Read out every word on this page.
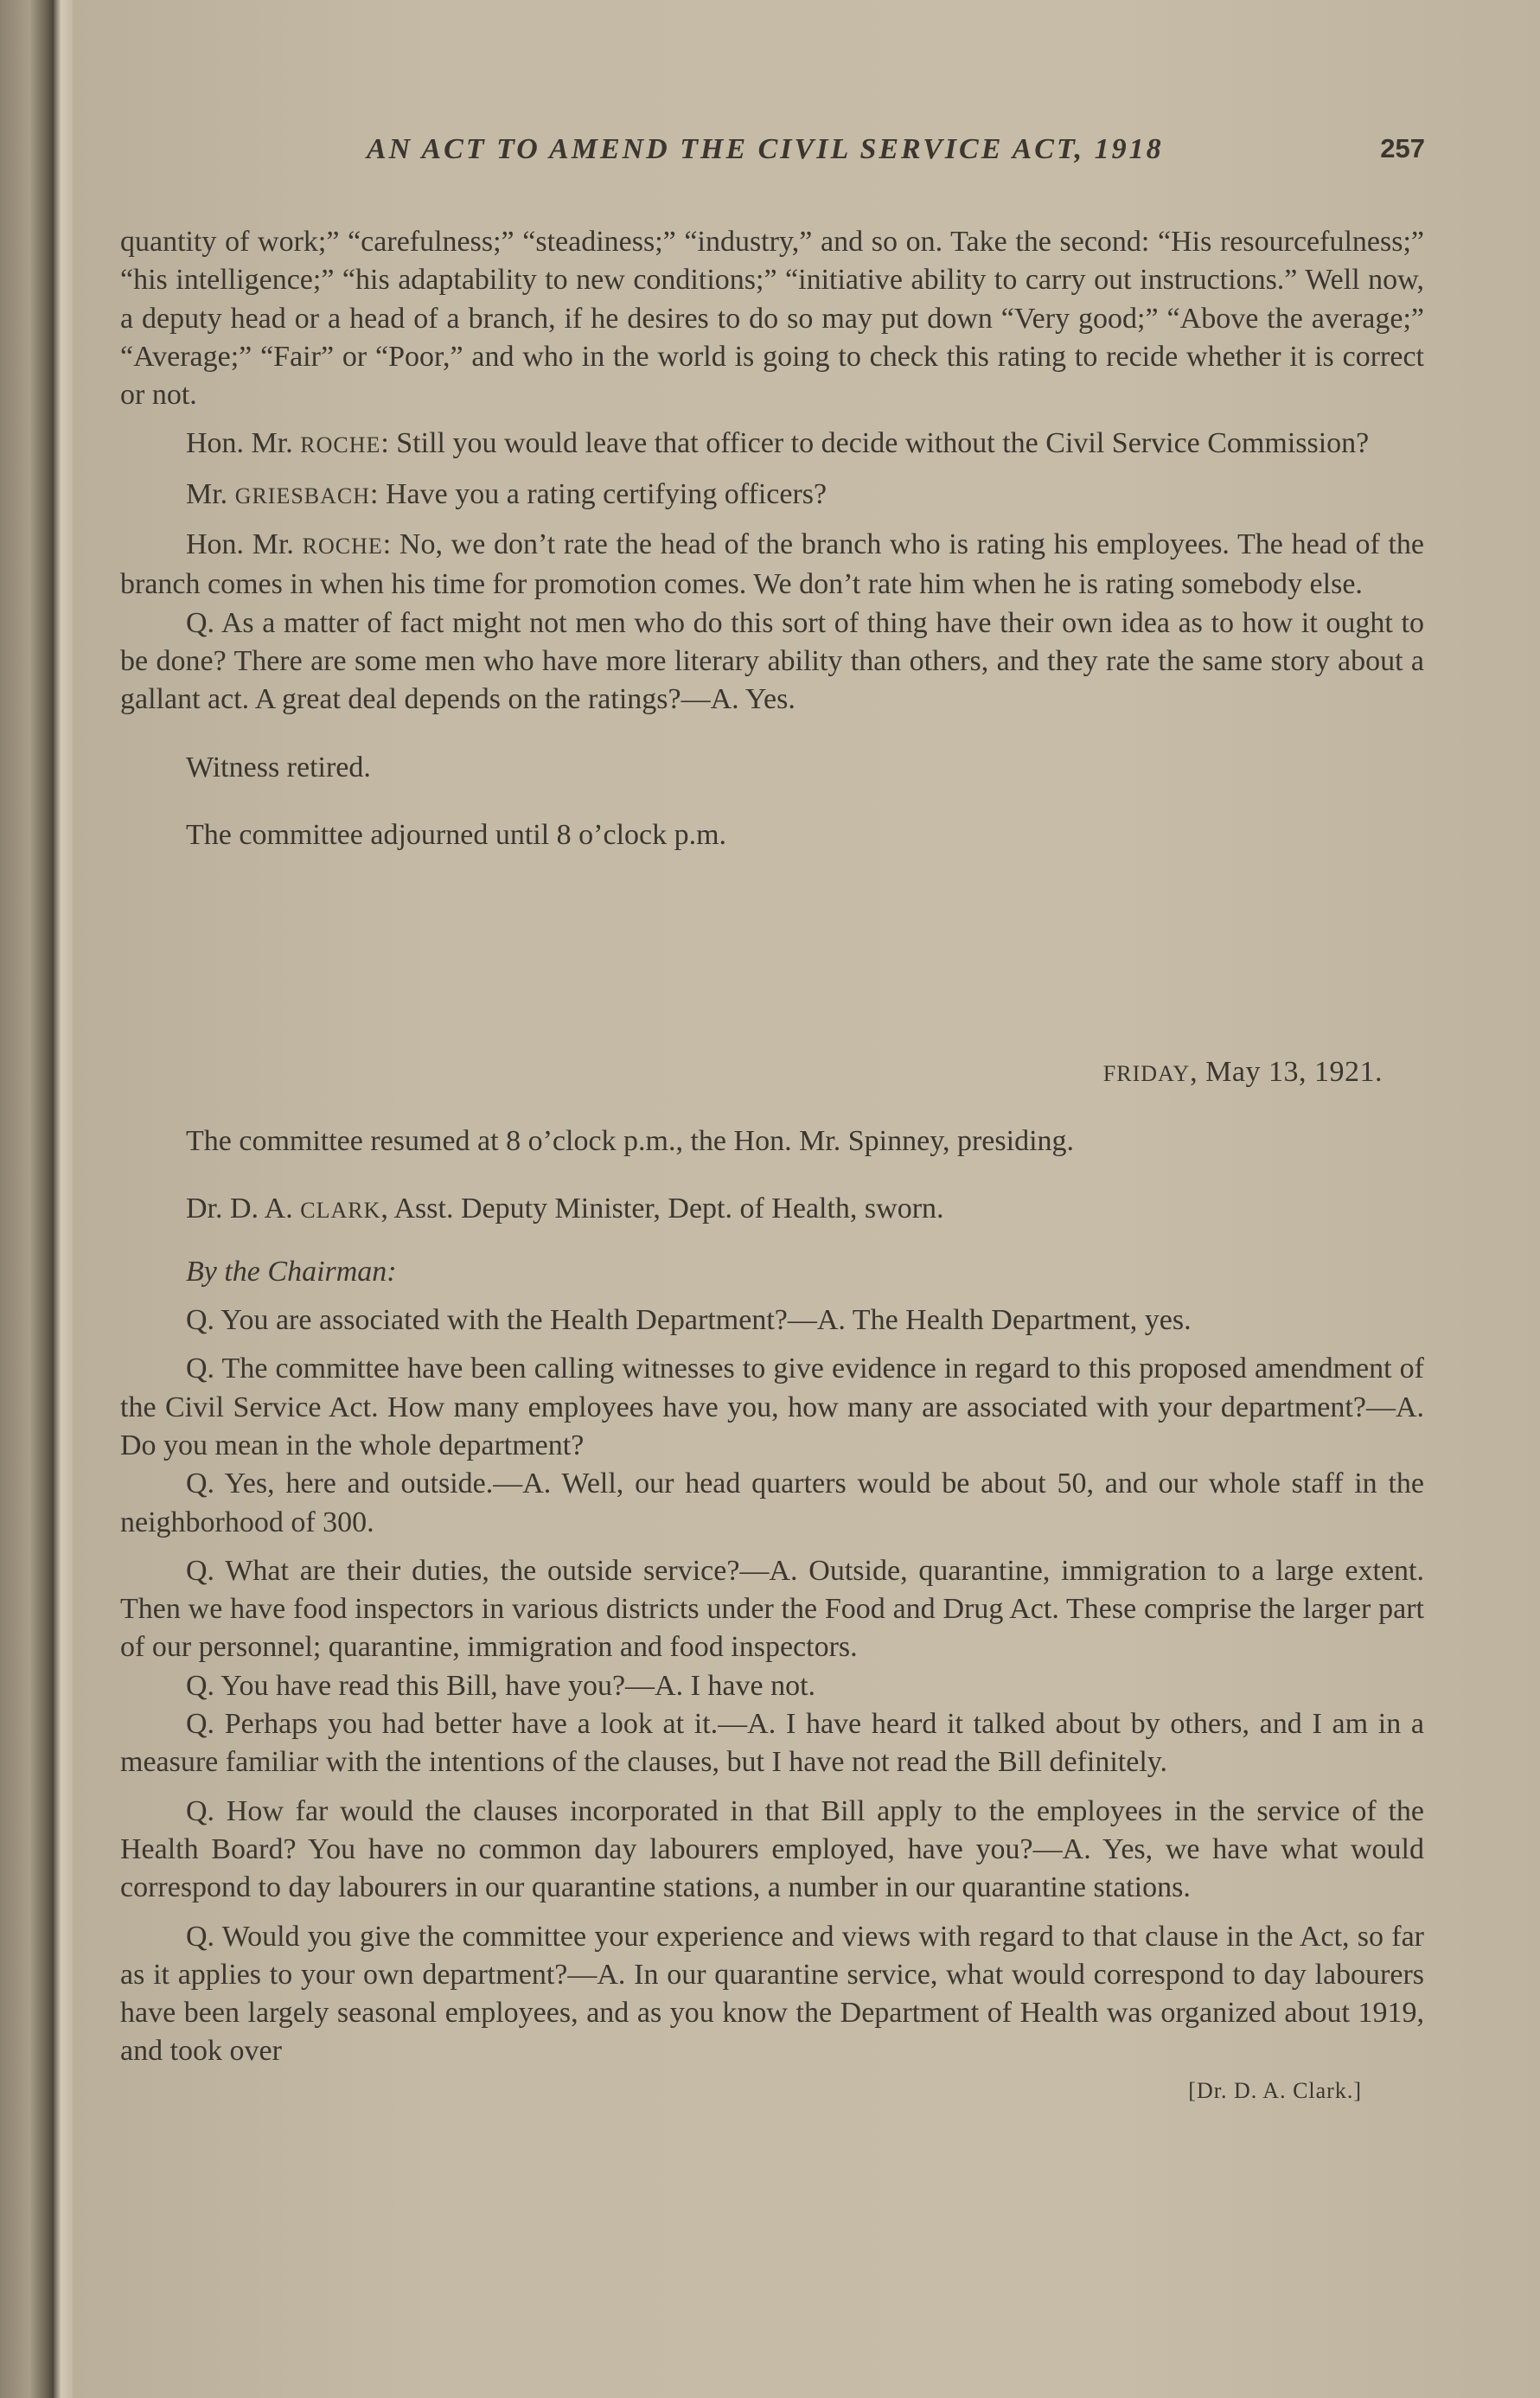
AN ACT TO AMEND THE CIVIL SERVICE ACT, 1918	257

quantity of work;” “carefulness;” “steadiness;” “industry,” and so on. Take the second: “His resourcefulness;” “his intelligence;” “his adaptability to new conditions;” “initiative ability to carry out instructions.” Well now, a deputy head or a head of a branch, if he desires to do so may put down “Very good;” “Above the average;” “Average;” “Fair” or “Poor,” and who in the world is going to check this rating to recide whether it is correct or not.

Hon. Mr. ROCHE: Still you would leave that officer to decide without the Civil Service Commission?

Mr. GRIESBACH: Have you a rating certifying officers?

Hon. Mr. ROCHE: No, we don’t rate the head of the branch who is rating his employees. The head of the branch comes in when his time for promotion comes. We don’t rate him when he is rating somebody else.

Q. As a matter of fact might not men who do this sort of thing have their own idea as to how it ought to be done? There are some men who have more literary ability than others, and they rate the same story about a gallant act. A great deal depends on the ratings?—A. Yes.

Witness retired.

The committee adjourned until 8 o’clock p.m.

FRIDAY, May 13, 1921.

The committee resumed at 8 o’clock p.m., the Hon. Mr. Spinney, presiding.

Dr. D. A. CLARK, Asst. Deputy Minister, Dept. of Health, sworn.

By the Chairman:

Q. You are associated with the Health Department?—A. The Health Department, yes.

Q. The committee have been calling witnesses to give evidence in regard to this proposed amendment of the Civil Service Act. How many employees have you, how many are associated with your department?—A. Do you mean in the whole department?

Q. Yes, here and outside.—A. Well, our head quarters would be about 50, and our whole staff in the neighborhood of 300.

Q. What are their duties, the outside service?—A. Outside, quarantine, immigration to a large extent. Then we have food inspectors in various districts under the Food and Drug Act. These comprise the larger part of our personnel; quarantine, immigration and food inspectors.

Q. You have read this Bill, have you?—A. I have not.

Q. Perhaps you had better have a look at it.—A. I have heard it talked about by others, and I am in a measure familiar with the intentions of the clauses, but I have not read the Bill definitely.

Q. How far would the clauses incorporated in that Bill apply to the employees in the service of the Health Board? You have no common day labourers employed, have you?—A. Yes, we have what would correspond to day labourers in our quarantine stations, a number in our quarantine stations.

Q. Would you give the committee your experience and views with regard to that clause in the Act, so far as it applies to your own department?—A. In our quarantine service, what would correspond to day labourers have been largely seasonal employees, and as you know the Department of Health was organized about 1919, and took over

[Dr. D. A. Clark.]
